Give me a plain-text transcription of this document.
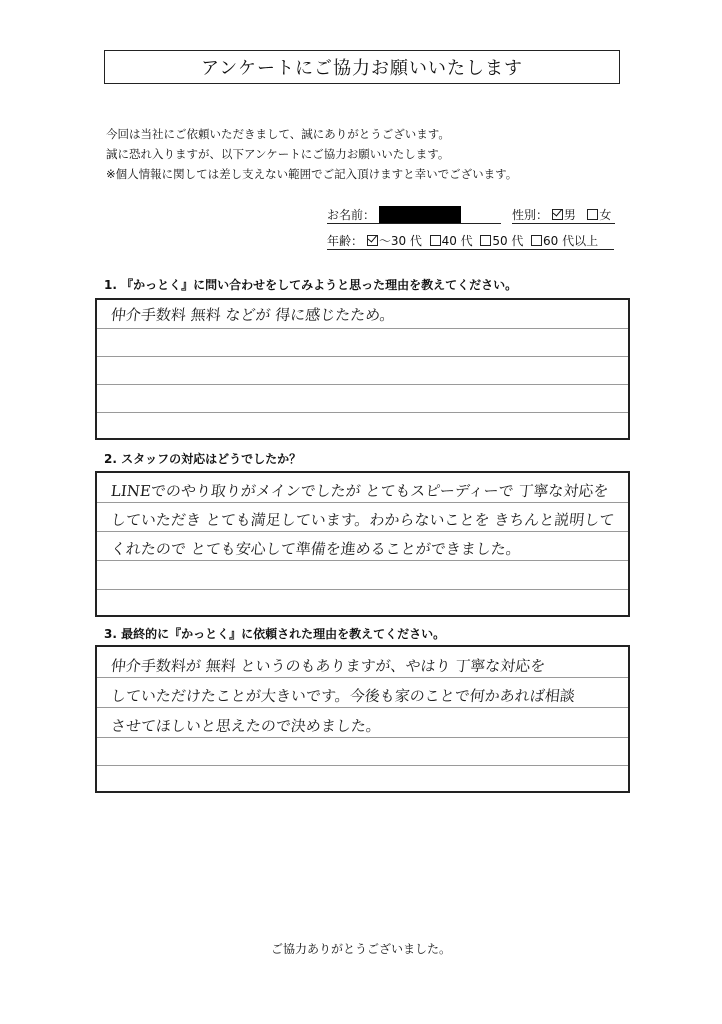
アンケートにご協力お願いいたします
今回は当社にご依頼いただきまして、誠にありがとうございます。
誠に恐れ入りますが、以下アンケートにご協力お願いいたします。
※個人情報に関しては差し支えない範囲でご記入頂けますと幸いでございます。
お名前：	性別： 男 女
年齢： ～30 代 40 代 50 代 60 代以上
1. 『かっとく』に問い合わせをしてみようと思った理由を教えてください。
仲介手数料 無料 などが 得に感じたため。
2. スタッフの対応はどうでしたか？
LINEでのやり取りがメインでしたが とてもスピーディーで 丁寧な対応を
していただき とても満足しています。わからないことを きちんと説明して
くれたので とても安心して準備を進めることができました。
3. 最終的に『かっとく』に依頼された理由を教えてください。
仲介手数料が 無料 というのもありますが、やはり 丁寧な対応を
していただけたことが大きいです。今後も家のことで何かあれば相談
させてほしいと思えたので決めました。
ご協力ありがとうございました。
